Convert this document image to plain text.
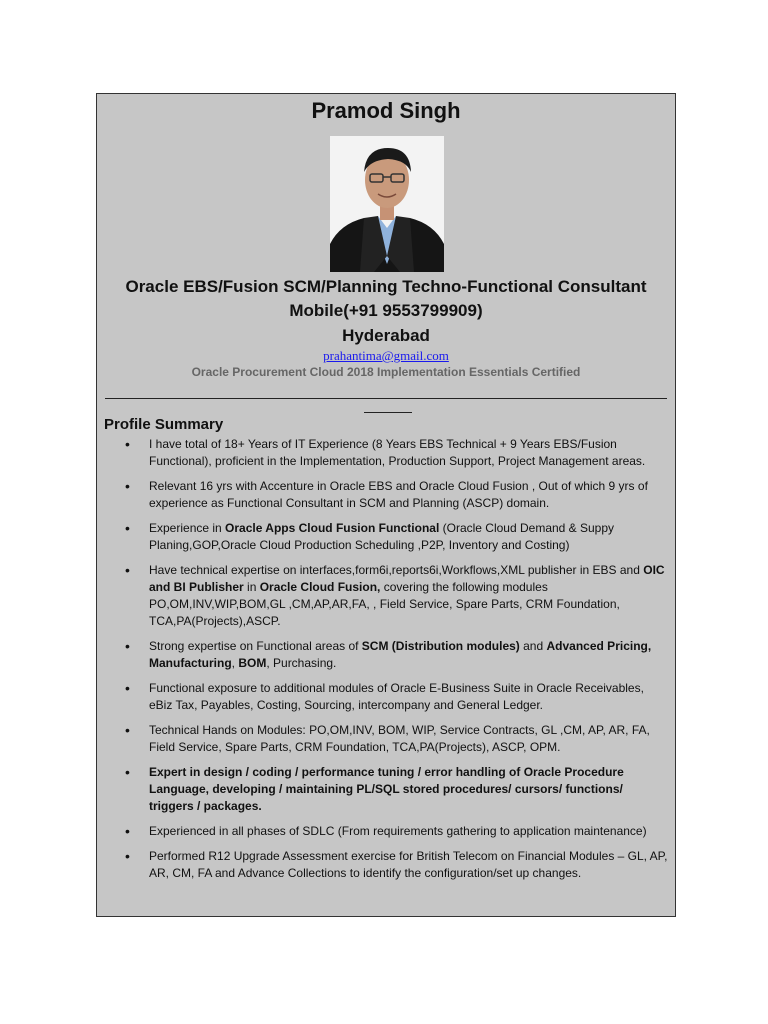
Pramod Singh
Oracle EBS/Fusion SCM/Planning Techno-Functional Consultant
Mobile(+91 9553799909)
Hyderabad
prahantima@gmail.com
Oracle Procurement Cloud 2018 Implementation Essentials Certified
Profile Summary
• I have total of 18+ Years of IT Experience (8 Years EBS Technical + 9 Years EBS/Fusion Functional), proficient in the Implementation, Production Support, Project Management areas.
• Relevant 16 yrs with Accenture in Oracle EBS and Oracle Cloud Fusion , Out of which 9 yrs of experience as Functional Consultant in SCM and Planning (ASCP) domain.
• Experience in Oracle Apps Cloud Fusion Functional (Oracle Cloud Demand & Suppy Planing,GOP,Oracle Cloud Production Scheduling ,P2P, Inventory and Costing)
• Have technical expertise on interfaces,form6i,reports6i,Workflows,XML publisher in EBS and OIC and BI Publisher in Oracle Cloud Fusion, covering the following modules PO,OM,INV,WIP,BOM,GL ,CM,AP,AR,FA, , Field Service, Spare Parts, CRM Foundation, TCA,PA(Projects),ASCP.
• Strong expertise on Functional areas of SCM (Distribution modules) and Advanced Pricing, Manufacturing, BOM, Purchasing.
• Functional exposure to additional modules of Oracle E-Business Suite in Oracle Receivables, eBiz Tax, Payables, Costing, Sourcing, intercompany and General Ledger.
• Technical Hands on Modules: PO,OM,INV, BOM, WIP, Service Contracts, GL ,CM, AP, AR, FA, Field Service, Spare Parts, CRM Foundation, TCA,PA(Projects), ASCP, OPM.
• Expert in design / coding / performance tuning / error handling of Oracle Procedure Language, developing / maintaining PL/SQL stored procedures/ cursors/ functions/ triggers / packages.
• Experienced in all phases of SDLC (From requirements gathering to application maintenance)
• Performed R12 Upgrade Assessment exercise for British Telecom on Financial Modules – GL, AP, AR, CM, FA and Advance Collections to identify the configuration/set up changes.
